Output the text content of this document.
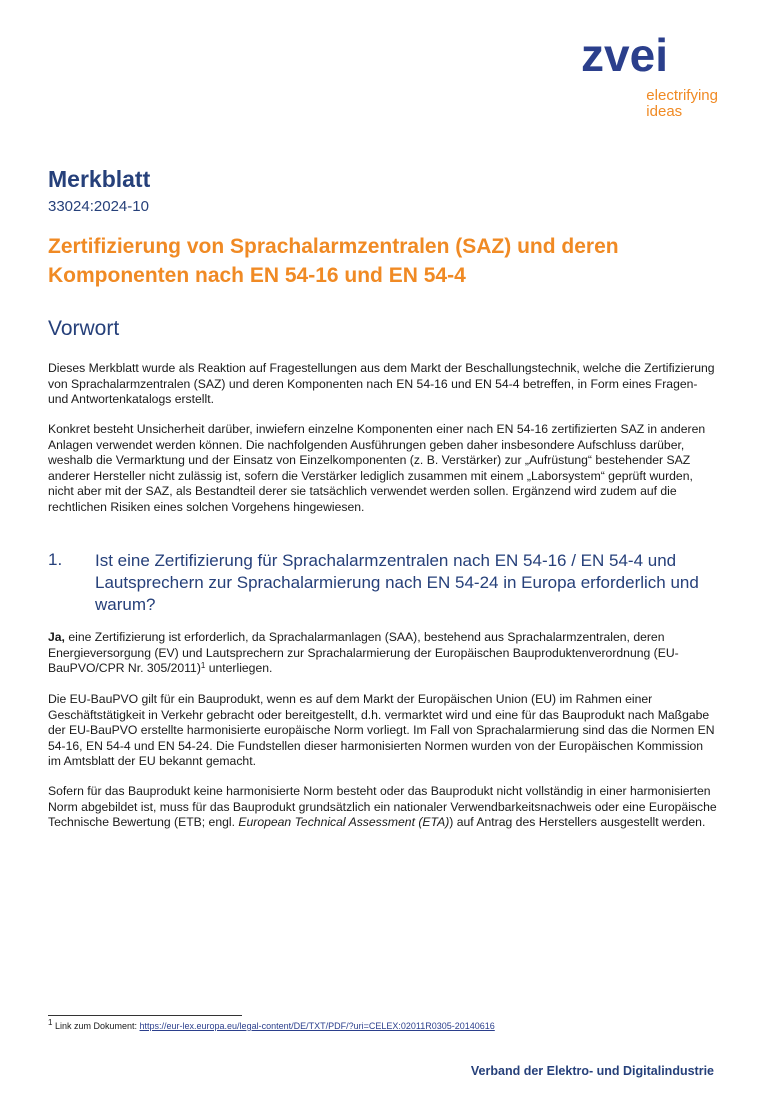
zvei
electrifying
ideas
Merkblatt
33024:2024-10
Zertifizierung von Sprachalarmzentralen (SAZ) und deren Komponenten nach EN 54-16 und EN 54-4
Vorwort
Dieses Merkblatt wurde als Reaktion auf Fragestellungen aus dem Markt der Beschallungstechnik, welche die Zertifizierung von Sprachalarmzentralen (SAZ) und deren Komponenten nach EN 54-16 und EN 54-4 betreffen, in Form eines Fragen- und Antwortenkatalogs erstellt.
Konkret besteht Unsicherheit darüber, inwiefern einzelne Komponenten einer nach EN 54-16 zertifizierten SAZ in anderen Anlagen verwendet werden können. Die nachfolgenden Ausführungen geben daher insbesondere Aufschluss darüber, weshalb die Vermarktung und der Einsatz von Einzelkomponenten (z. B. Verstärker) zur „Aufrüstung“ bestehender SAZ anderer Hersteller nicht zulässig ist, sofern die Verstärker lediglich zusammen mit einem „Laborsystem“ geprüft wurden, nicht aber mit der SAZ, als Bestandteil derer sie tatsächlich verwendet werden sollen. Ergänzend wird zudem auf die rechtlichen Risiken eines solchen Vorgehens hingewiesen.
1. Ist eine Zertifizierung für Sprachalarmzentralen nach EN 54-16 / EN 54-4 und Lautsprechern zur Sprachalarmierung nach EN 54-24 in Europa erforderlich und warum?
Ja, eine Zertifizierung ist erforderlich, da Sprachalarmanlagen (SAA), bestehend aus Sprachalarmzentralen, deren Energieversorgung (EV) und Lautsprechern zur Sprachalarmierung der Europäischen Bauproduktenverordnung (EU-BauPVO/CPR Nr. 305/2011)$^1$ unterliegen.
Die EU-BauPVO gilt für ein Bauprodukt, wenn es auf dem Markt der Europäischen Union (EU) im Rahmen einer Geschäftstätigkeit in Verkehr gebracht oder bereitgestellt, d.h. vermarktet wird und eine für das Bauprodukt nach Maßgabe der EU-BauPVO erstellte harmonisierte europäische Norm vorliegt. Im Fall von Sprachalarmierung sind das die Normen EN 54-16, EN 54-4 und EN 54-24. Die Fundstellen dieser harmonisierten Normen wurden von der Europäischen Kommission im Amtsblatt der EU bekannt gemacht.
Sofern für das Bauprodukt keine harmonisierte Norm besteht oder das Bauprodukt nicht vollständig in einer harmonisierten Norm abgebildet ist, muss für das Bauprodukt grundsätzlich ein nationaler Verwendbarkeitsnachweis oder eine Europäische Technische Bewertung (ETB; engl. European Technical Assessment (ETA)) auf Antrag des Herstellers ausgestellt werden.
$^1$ Link zum Dokument: https://eur-lex.europa.eu/legal-content/DE/TXT/PDF/?uri=CELEX:02011R0305-20140616
Verband der Elektro- und Digitalindustrie
